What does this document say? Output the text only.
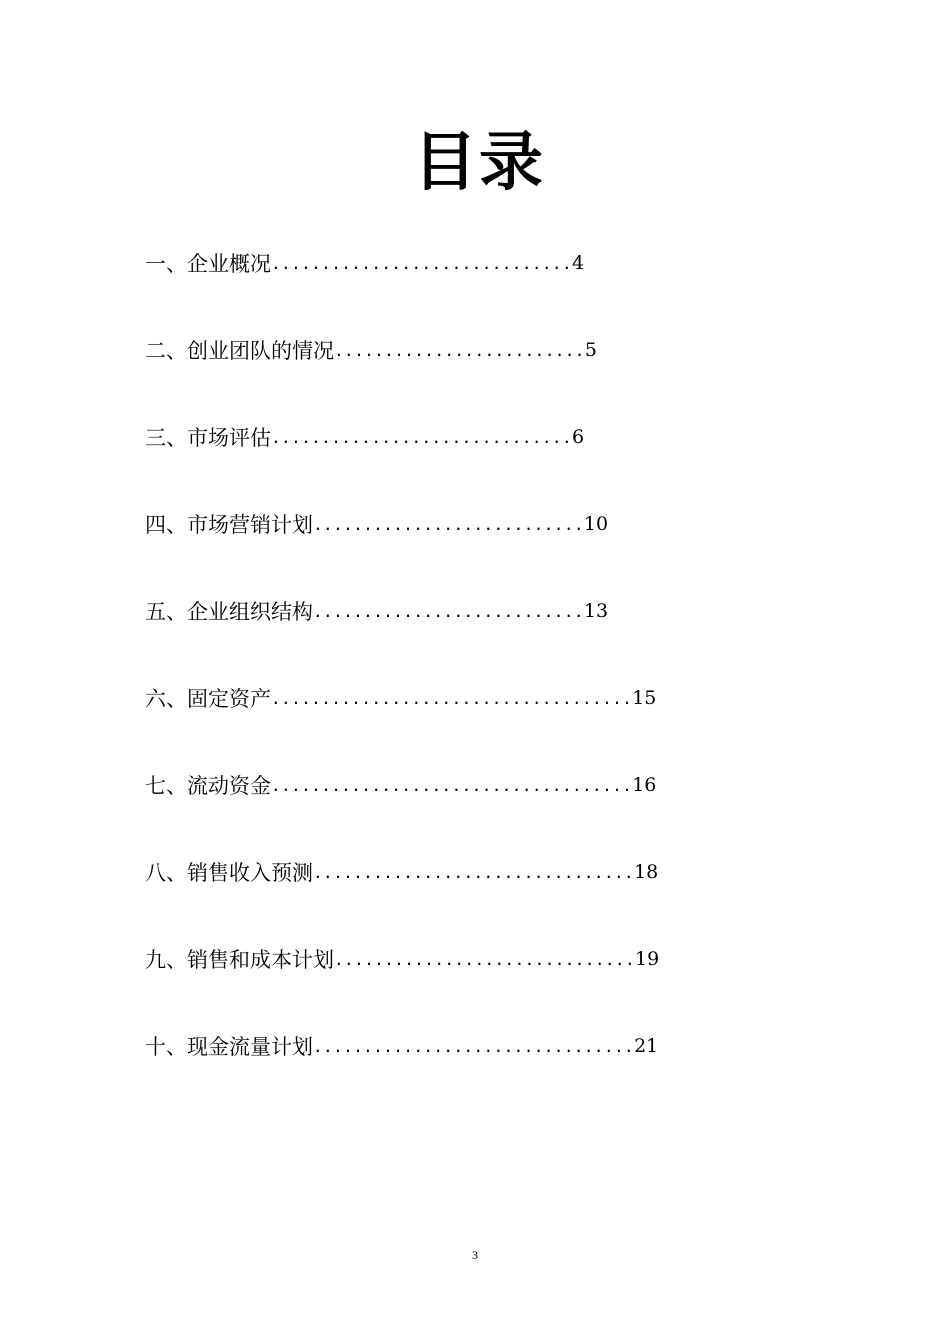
目录
一、企业概况 .............................. 4
二、创业团队的情况 ......................... 5
三、市场评估 .............................. 6
四、市场营销计划 ........................... 10
五、企业组织结构 ........................... 13
六、固定资产 .................................... 15
七、流动资金 .................................... 16
八、销售收入预测 ................................ 18
九、销售和成本计划 .............................. 19
十、现金流量计划 ................................ 21
3
